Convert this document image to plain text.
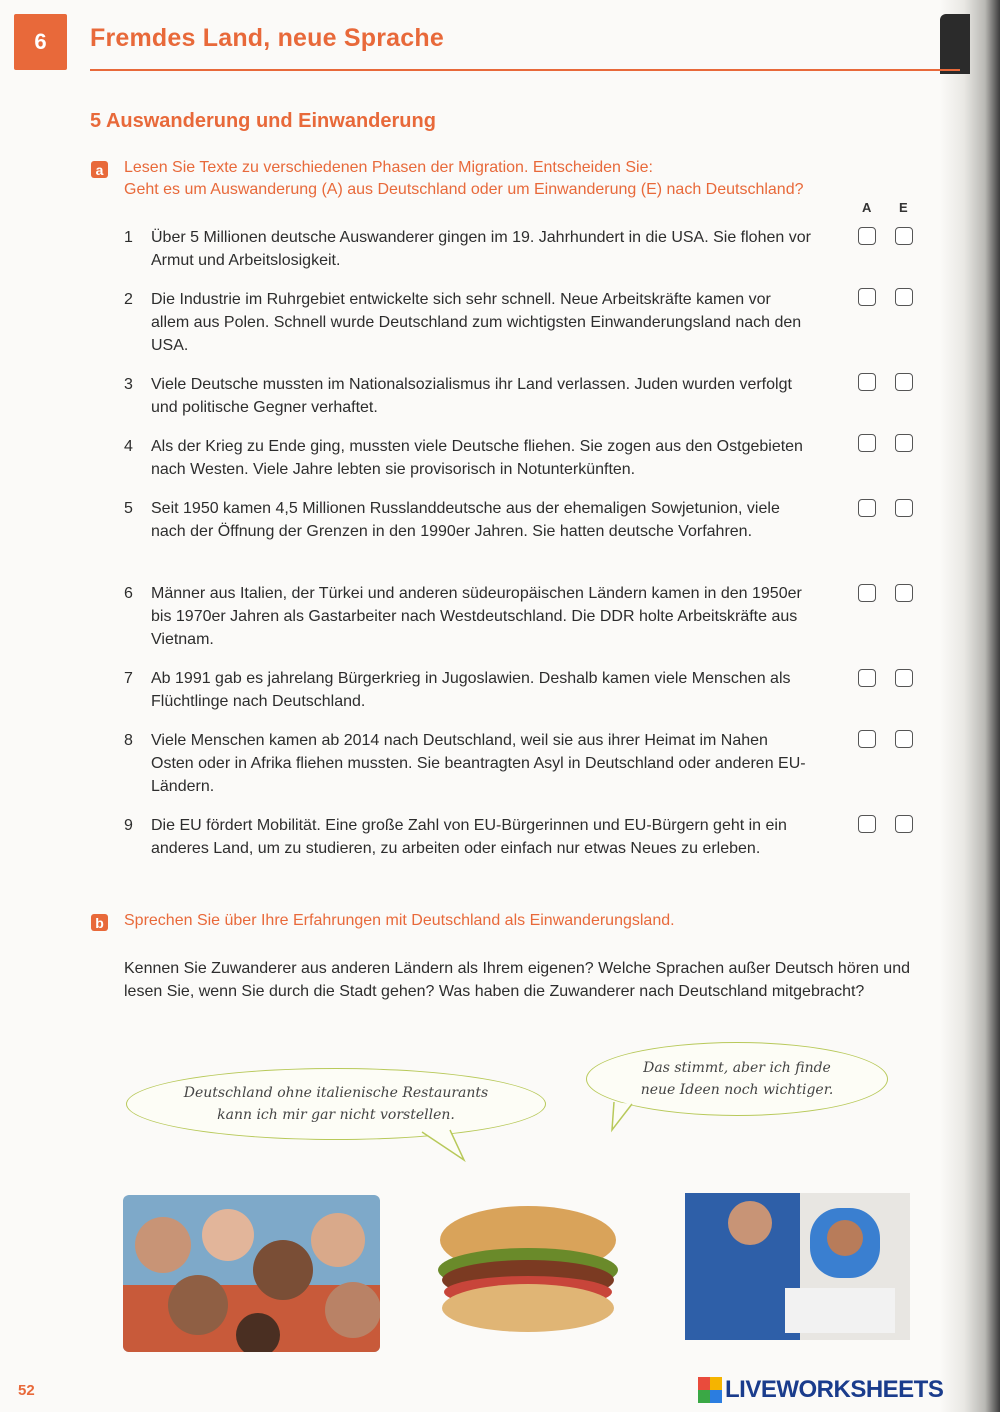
6	Fremdes Land, neue Sprache
5 Auswanderung und Einwanderung
a Lesen Sie Texte zu verschiedenen Phasen der Migration. Entscheiden Sie:
Geht es um Auswanderung (A) aus Deutschland oder um Einwanderung (E) nach Deutschland?
A E
1	Über 5 Millionen deutsche Auswanderer gingen im 19. Jahrhundert in die USA. Sie flohen vor Armut und Arbeitslosigkeit.
2	Die Industrie im Ruhrgebiet entwickelte sich sehr schnell. Neue Arbeitskräfte kamen vor allem aus Polen. Schnell wurde Deutschland zum wichtigsten Einwanderungsland nach den USA.
3	Viele Deutsche mussten im Nationalsozialismus ihr Land verlassen. Juden wurden verfolgt und politische Gegner verhaftet.
4	Als der Krieg zu Ende ging, mussten viele Deutsche fliehen. Sie zogen aus den Ostgebieten nach Westen. Viele Jahre lebten sie provisorisch in Notunterkünften.
5	Seit 1950 kamen 4,5 Millionen Russlanddeutsche aus der ehemaligen Sowjetunion, viele nach der Öffnung der Grenzen in den 1990er Jahren. Sie hatten deutsche Vorfahren.
6	Männer aus Italien, der Türkei und anderen südeuropäischen Ländern kamen in den 1950er bis 1970er Jahren als Gastarbeiter nach Westdeutschland. Die DDR holte Arbeitskräfte aus Vietnam.
7	Ab 1991 gab es jahrelang Bürgerkrieg in Jugoslawien. Deshalb kamen viele Menschen als Flüchtlinge nach Deutschland.
8	Viele Menschen kamen ab 2014 nach Deutschland, weil sie aus ihrer Heimat im Nahen Osten oder in Afrika fliehen mussten. Sie beantragten Asyl in Deutschland oder anderen EU-Ländern.
9	Die EU fördert Mobilität. Eine große Zahl von EU-Bürgerinnen und EU-Bürgern geht in ein anderes Land, um zu studieren, zu arbeiten oder einfach nur etwas Neues zu erleben.
b Sprechen Sie über Ihre Erfahrungen mit Deutschland als Einwanderungsland.
Kennen Sie Zuwanderer aus anderen Ländern als Ihrem eigenen? Welche Sprachen außer Deutsch hören und lesen Sie, wenn Sie durch die Stadt gehen? Was haben die Zuwanderer nach Deutschland mitgebracht?
Deutschland ohne italienische Restaurants
kann ich mir gar nicht vorstellen.
Das stimmt, aber ich finde
neue Ideen noch wichtiger.
52	LIVEWORKSHEETS
